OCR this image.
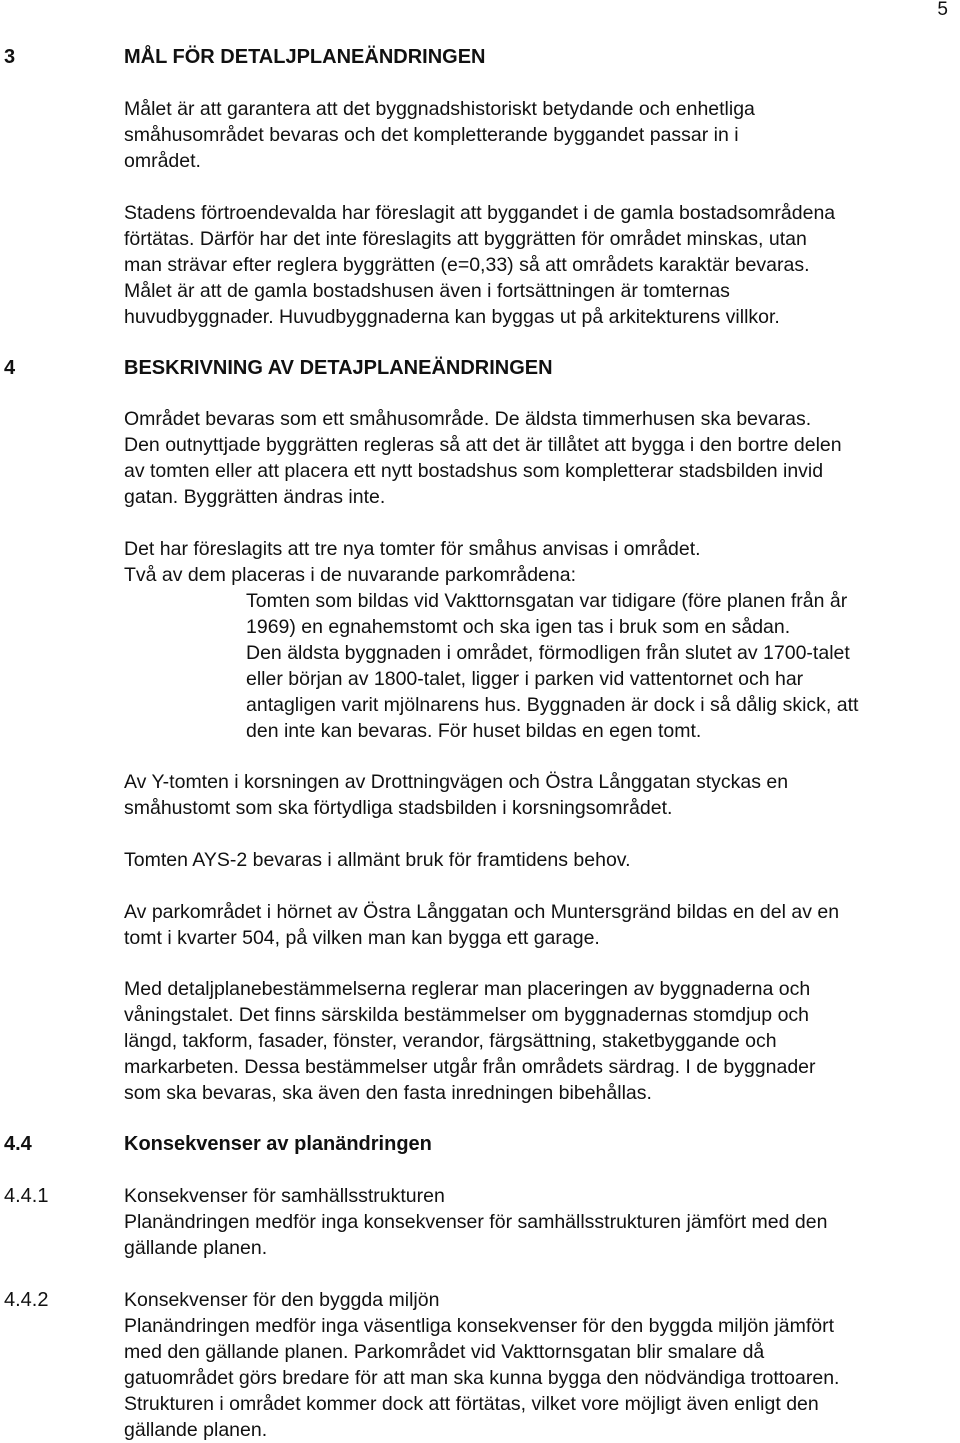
5
3	MÅL FÖR DETALJPLANEÄNDRINGEN

Målet är att garantera att det byggnadshistoriskt betydande och enhetliga
småhusområdet bevaras och det kompletterande byggandet passar in i
området.

Stadens förtroendevalda har föreslagit att byggandet i de gamla bostadsområdena
förtätas. Därför har det inte föreslagits att byggrätten för området minskas, utan
man strävar efter reglera byggrätten (e=0,33) så att områdets karaktär bevaras.
Målet är att de gamla bostadshusen även i fortsättningen är tomternas
huvudbyggnader. Huvudbyggnaderna kan byggas ut på arkitekturens villkor.

4	BESKRIVNING AV DETAJPLANEÄNDRINGEN

Området bevaras som ett småhusområde. De äldsta timmerhusen ska bevaras.
Den outnyttjade byggrätten regleras så att det är tillåtet att bygga i den bortre delen
av tomten eller att placera ett nytt bostadshus som kompletterar stadsbilden invid
gatan. Byggrätten ändras inte.

Det har föreslagits att tre nya tomter för småhus anvisas i området.
Två av dem placeras i de nuvarande parkområdena:

Tomten som bildas vid Vakttornsgatan var tidigare (före planen från år
1969) en egnahemstomt och ska igen tas i bruk som en sådan.
Den äldsta byggnaden i området, förmodligen från slutet av 1700-talet
eller början av 1800-talet, ligger i parken vid vattentornet och har
antagligen varit mjölnarens hus. Byggnaden är dock i så dålig skick, att
den inte kan bevaras. För huset bildas en egen tomt.

Av Y-tomten i korsningen av Drottningvägen och Östra Långgatan styckas en
småhustomt som ska förtydliga stadsbilden i korsningsområdet.

Tomten AYS-2 bevaras i allmänt bruk för framtidens behov.

Av parkområdet i hörnet av Östra Långgatan och Muntersgränd bildas en del av en
tomt i kvarter 504, på vilken man kan bygga ett garage.

Med detaljplanebestämmelserna reglerar man placeringen av byggnaderna och
våningstalet. Det finns särskilda bestämmelser om byggnadernas stomdjup och
längd, takform, fasader, fönster, verandor, färgsättning, staketbyggande och
markarbeten. Dessa bestämmelser utgår från områdets särdrag. I de byggnader
som ska bevaras, ska även den fasta inredningen bibehållas.

4.4	Konsekvenser av planändringen
4.4.1	Konsekvenser för samhällsstrukturen
Planändringen medför inga konsekvenser för samhällsstrukturen jämfört med den
gällande planen.

4.4.2	Konsekvenser för den byggda miljön
Planändringen medför inga väsentliga konsekvenser för den byggda miljön jämfört
med den gällande planen. Parkområdet vid Vakttornsgatan blir smalare då
gatuområdet görs bredare för att man ska kunna bygga den nödvändiga trottoaren.
Strukturen i området kommer dock att förtätas, vilket vore möjligt även enligt den
gällande planen.
